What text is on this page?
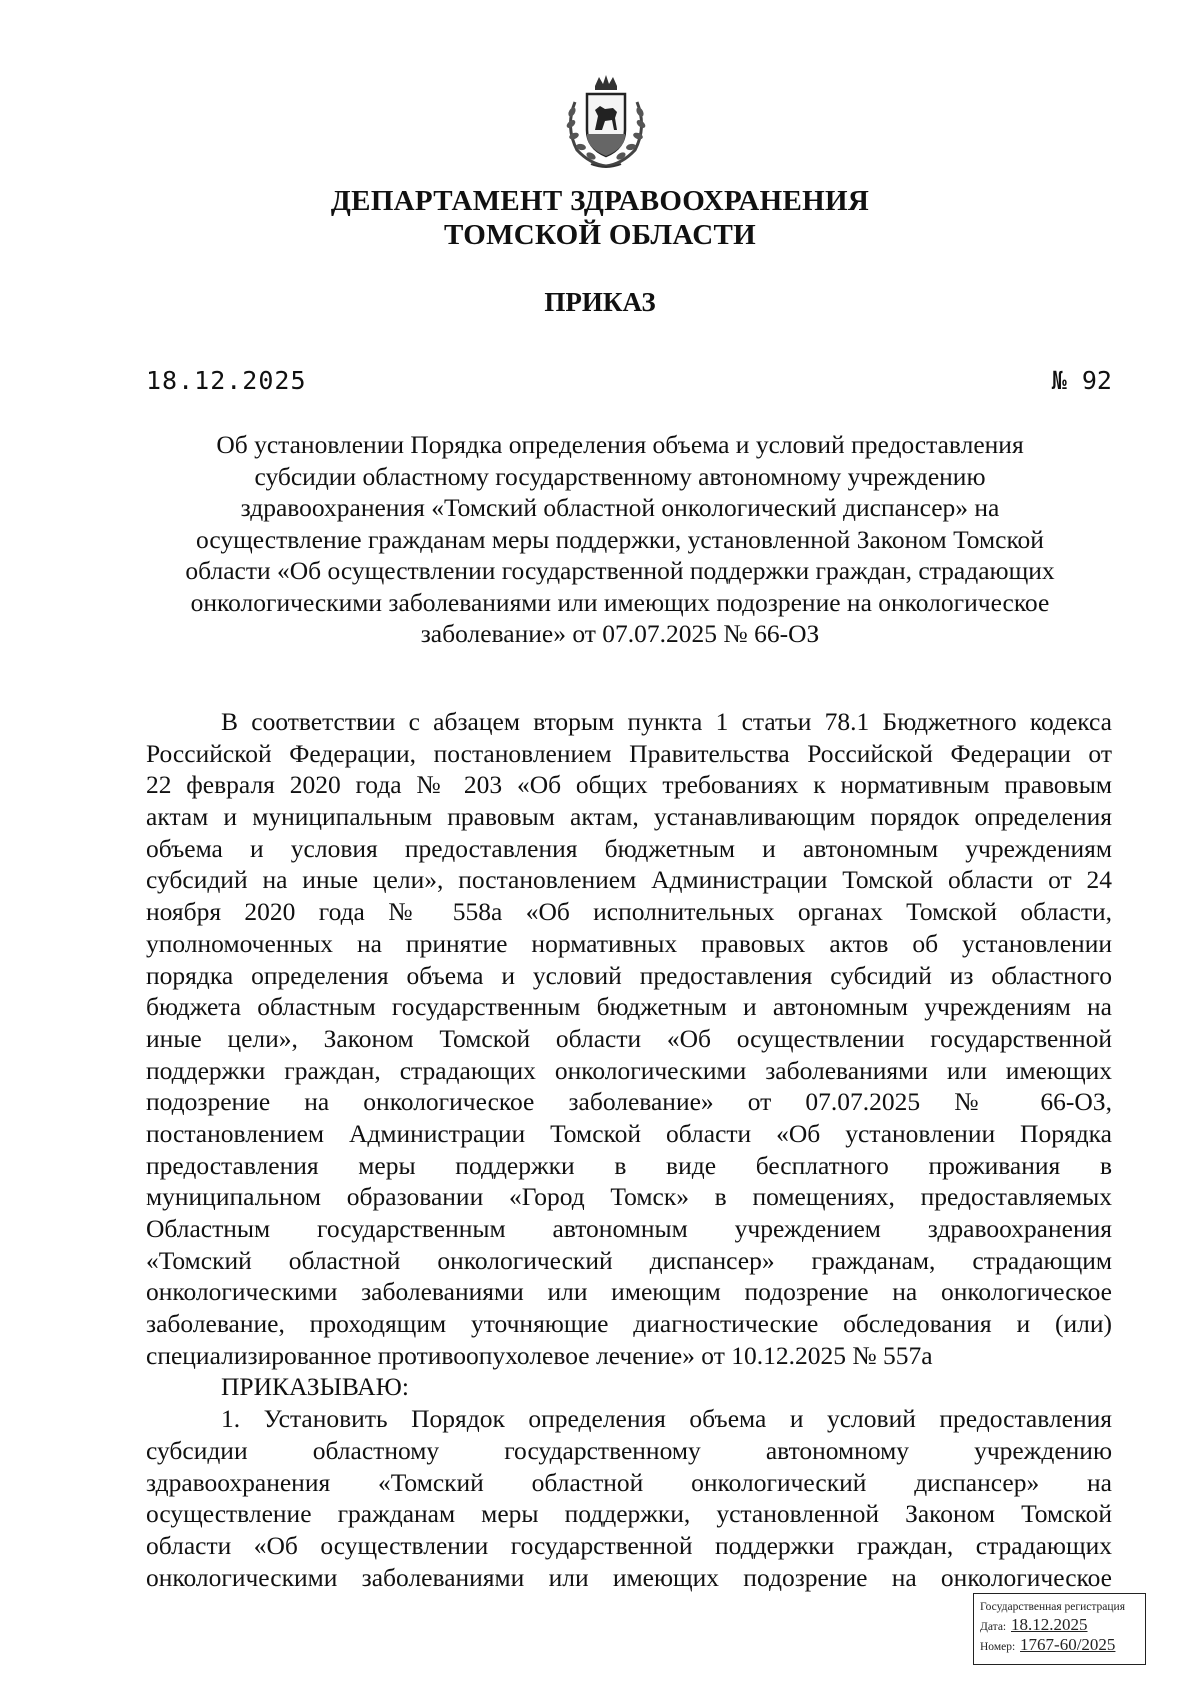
ДЕПАРТАМЕНТ ЗДРАВООХРАНЕНИЯ
ТОМСКОЙ ОБЛАСТИ
ПРИКАЗ
18.12.2025	№ 92
Об установлении Порядка определения объема и условий предоставления
субсидии областному государственному автономному учреждению
здравоохранения «Томский областной онкологический диспансер» на
осуществление гражданам меры поддержки, установленной Законом Томской
области «Об осуществлении государственной поддержки граждан, страдающих
онкологическими заболеваниями или имеющих подозрение на онкологическое
заболевание» от 07.07.2025 № 66-ОЗ
В соответствии с абзацем вторым пункта 1 статьи 78.1 Бюджетного кодекса
Российской Федерации, постановлением Правительства Российской Федерации от
22 февраля 2020 года № 203 «Об общих требованиях к нормативным правовым
актам и муниципальным правовым актам, устанавливающим порядок определения
объема и условия предоставления бюджетным и автономным учреждениям
субсидий на иные цели», постановлением Администрации Томской области от 24
ноября 2020 года № 558а «Об исполнительных органах Томской области,
уполномоченных на принятие нормативных правовых актов об установлении
порядка определения объема и условий предоставления субсидий из областного
бюджета областным государственным бюджетным и автономным учреждениям на
иные цели», Законом Томской области «Об осуществлении государственной
поддержки граждан, страдающих онкологическими заболеваниями или имеющих
подозрение на онкологическое заболевание» от 07.07.2025 № 66-ОЗ,
постановлением Администрации Томской области «Об установлении Порядка
предоставления меры поддержки в виде бесплатного проживания в
муниципальном образовании «Город Томск» в помещениях, предоставляемых
Областным государственным автономным учреждением здравоохранения
«Томский областной онкологический диспансер» гражданам, страдающим
онкологическими заболеваниями или имеющим подозрение на онкологическое
заболевание, проходящим уточняющие диагностические обследования и (или)
специализированное противоопухолевое лечение» от 10.12.2025 № 557а
ПРИКАЗЫВАЮ:
1. Установить Порядок определения объема и условий предоставления
субсидии областному государственному автономному учреждению
здравоохранения «Томский областной онкологический диспансер» на
осуществление гражданам меры поддержки, установленной Законом Томской
области «Об осуществлении государственной поддержки граждан, страдающих
онкологическими заболеваниями или имеющих подозрение на онкологическое
Государственная регистрация
Дата: 18.12.2025
Номер: 1767-60/2025
